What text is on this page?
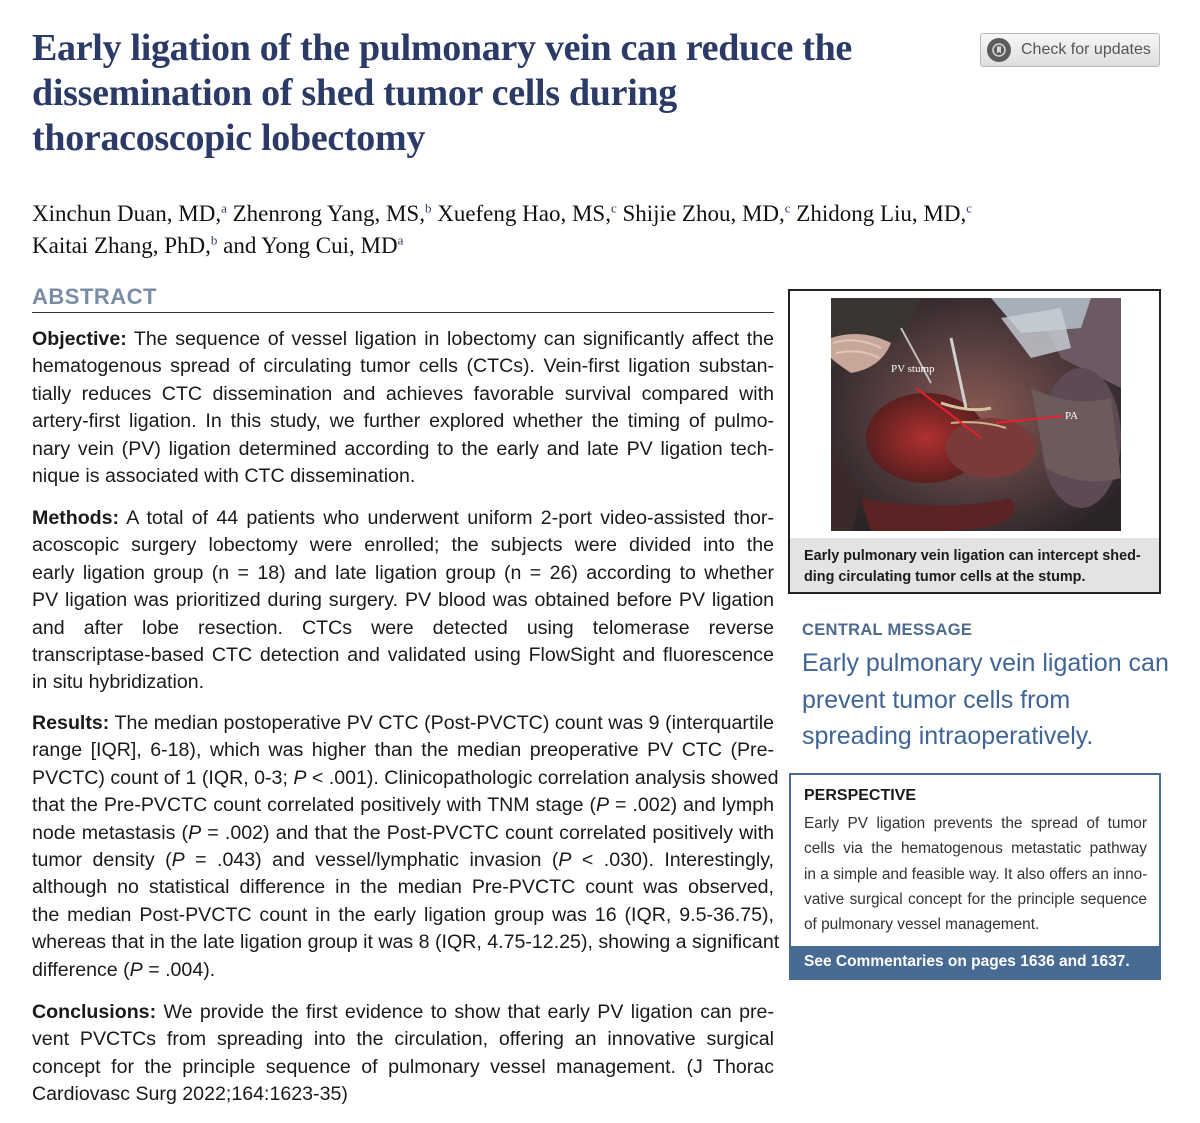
Early ligation of the pulmonary vein can reduce the
dissemination of shed tumor cells during
thoracoscopic lobectomy
Check for updates

Xinchun Duan, MD,$^a$ Zhenrong Yang, MS,$^b$ Xuefeng Hao, MS,$^c$ Shijie Zhou, MD,$^c$ Zhidong Liu, MD,$^c$
Kaitai Zhang, PhD,$^b$ and Yong Cui, $MD^a$

ABSTRACT

Objective: The sequence of vessel ligation in lobectomy can significantly affect the
hematogenous spread of circulating tumor cells (CTCs). Vein-first ligation substan-
tially reduces CTC dissemination and achieves favorable survival compared with
artery-first ligation. In this study, we further explored whether the timing of pulmo-
nary vein (PV) ligation determined according to the early and late PV ligation tech-
nique is associated with CTC dissemination.

Methods: A total of 44 patients who underwent uniform 2-port video-assisted thor-
acoscopic surgery lobectomy were enrolled; the subjects were divided into the
early ligation group (n = 18) and late ligation group (n = 26) according to whether
PV ligation was prioritized during surgery. PV blood was obtained before PV ligation
and after lobe resection. CTCs were detected using telomerase reverse
transcriptase-based CTC detection and validated using FlowSight and fluorescence
in situ hybridization.

Results: The median postoperative PV CTC (Post-PVCTC) count was 9 (interquartile
range [IQR], 6-18), which was higher than the median preoperative PV CTC (Pre-
PVCTC) count of 1 (IQR, 0-3; P < .001). Clinicopathologic correlation analysis showed
that the Pre-PVCTC count correlated positively with TNM stage (P = .002) and lymph
node metastasis (P = .002) and that the Post-PVCTC count correlated positively with
tumor density (P = .043) and vessel/lymphatic invasion (P < .030). Interestingly,
although no statistical difference in the median Pre-PVCTC count was observed,
the median Post-PVCTC count in the early ligation group was 16 (IQR, 9.5-36.75),
whereas that in the late ligation group it was 8 (IQR, 4.75-12.25), showing a significant
difference (P = .004).

Conclusions: We provide the first evidence to show that early PV ligation can pre-
vent PVCTCs from spreading into the circulation, offering an innovative surgical
concept for the principle sequence of pulmonary vessel management. (J Thorac
Cardiovasc Surg 2022;164:1623-35)

PV stump
PA
Early pulmonary vein ligation can intercept shed-
ding circulating tumor cells at the stump.

CENTRAL MESSAGE

Early pulmonary vein ligation can
prevent tumor cells from
spreading intraoperatively.

PERSPECTIVE

Early PV ligation prevents the spread of tumor
cells via the hematogenous metastatic pathway
in a simple and feasible way. It also offers an inno-
vative surgical concept for the principle sequence
of pulmonary vessel management.

See Commentaries on pages 1636 and 1637.
